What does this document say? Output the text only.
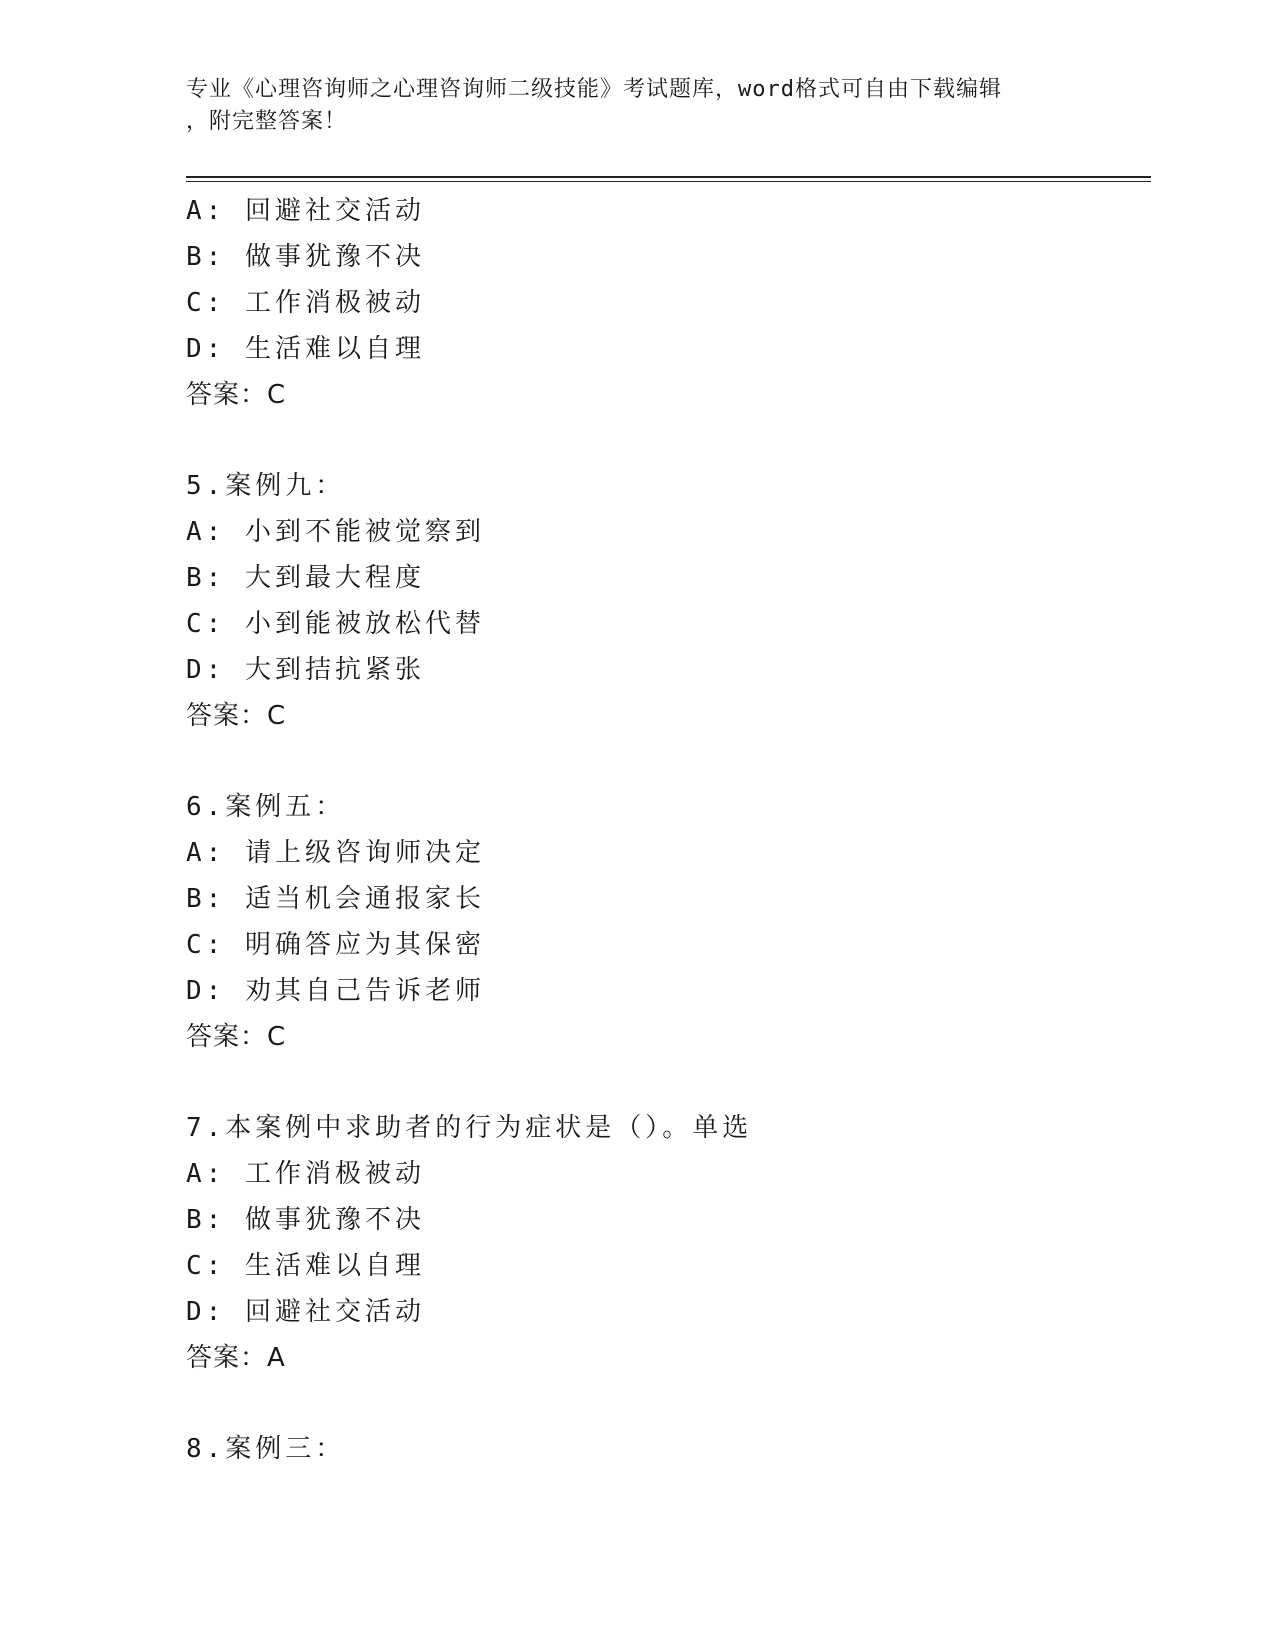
专业《心理咨询师之心理咨询师二级技能》考试题库，word格式可自由下载编辑
，附完整答案！
A: 回避社交活动
B: 做事犹豫不决
C: 工作消极被动
D: 生活难以自理
答案：C
5.案例九：
A: 小到不能被觉察到
B: 大到最大程度
C: 小到能被放松代替
D: 大到拮抗紧张
答案：C
6.案例五：
A: 请上级咨询师决定
B: 适当机会通报家长
C: 明确答应为其保密
D: 劝其自己告诉老师
答案：C
7.本案例中求助者的行为症状是（）。单选
A: 工作消极被动
B: 做事犹豫不决
C: 生活难以自理
D: 回避社交活动
答案：A
8.案例三：
